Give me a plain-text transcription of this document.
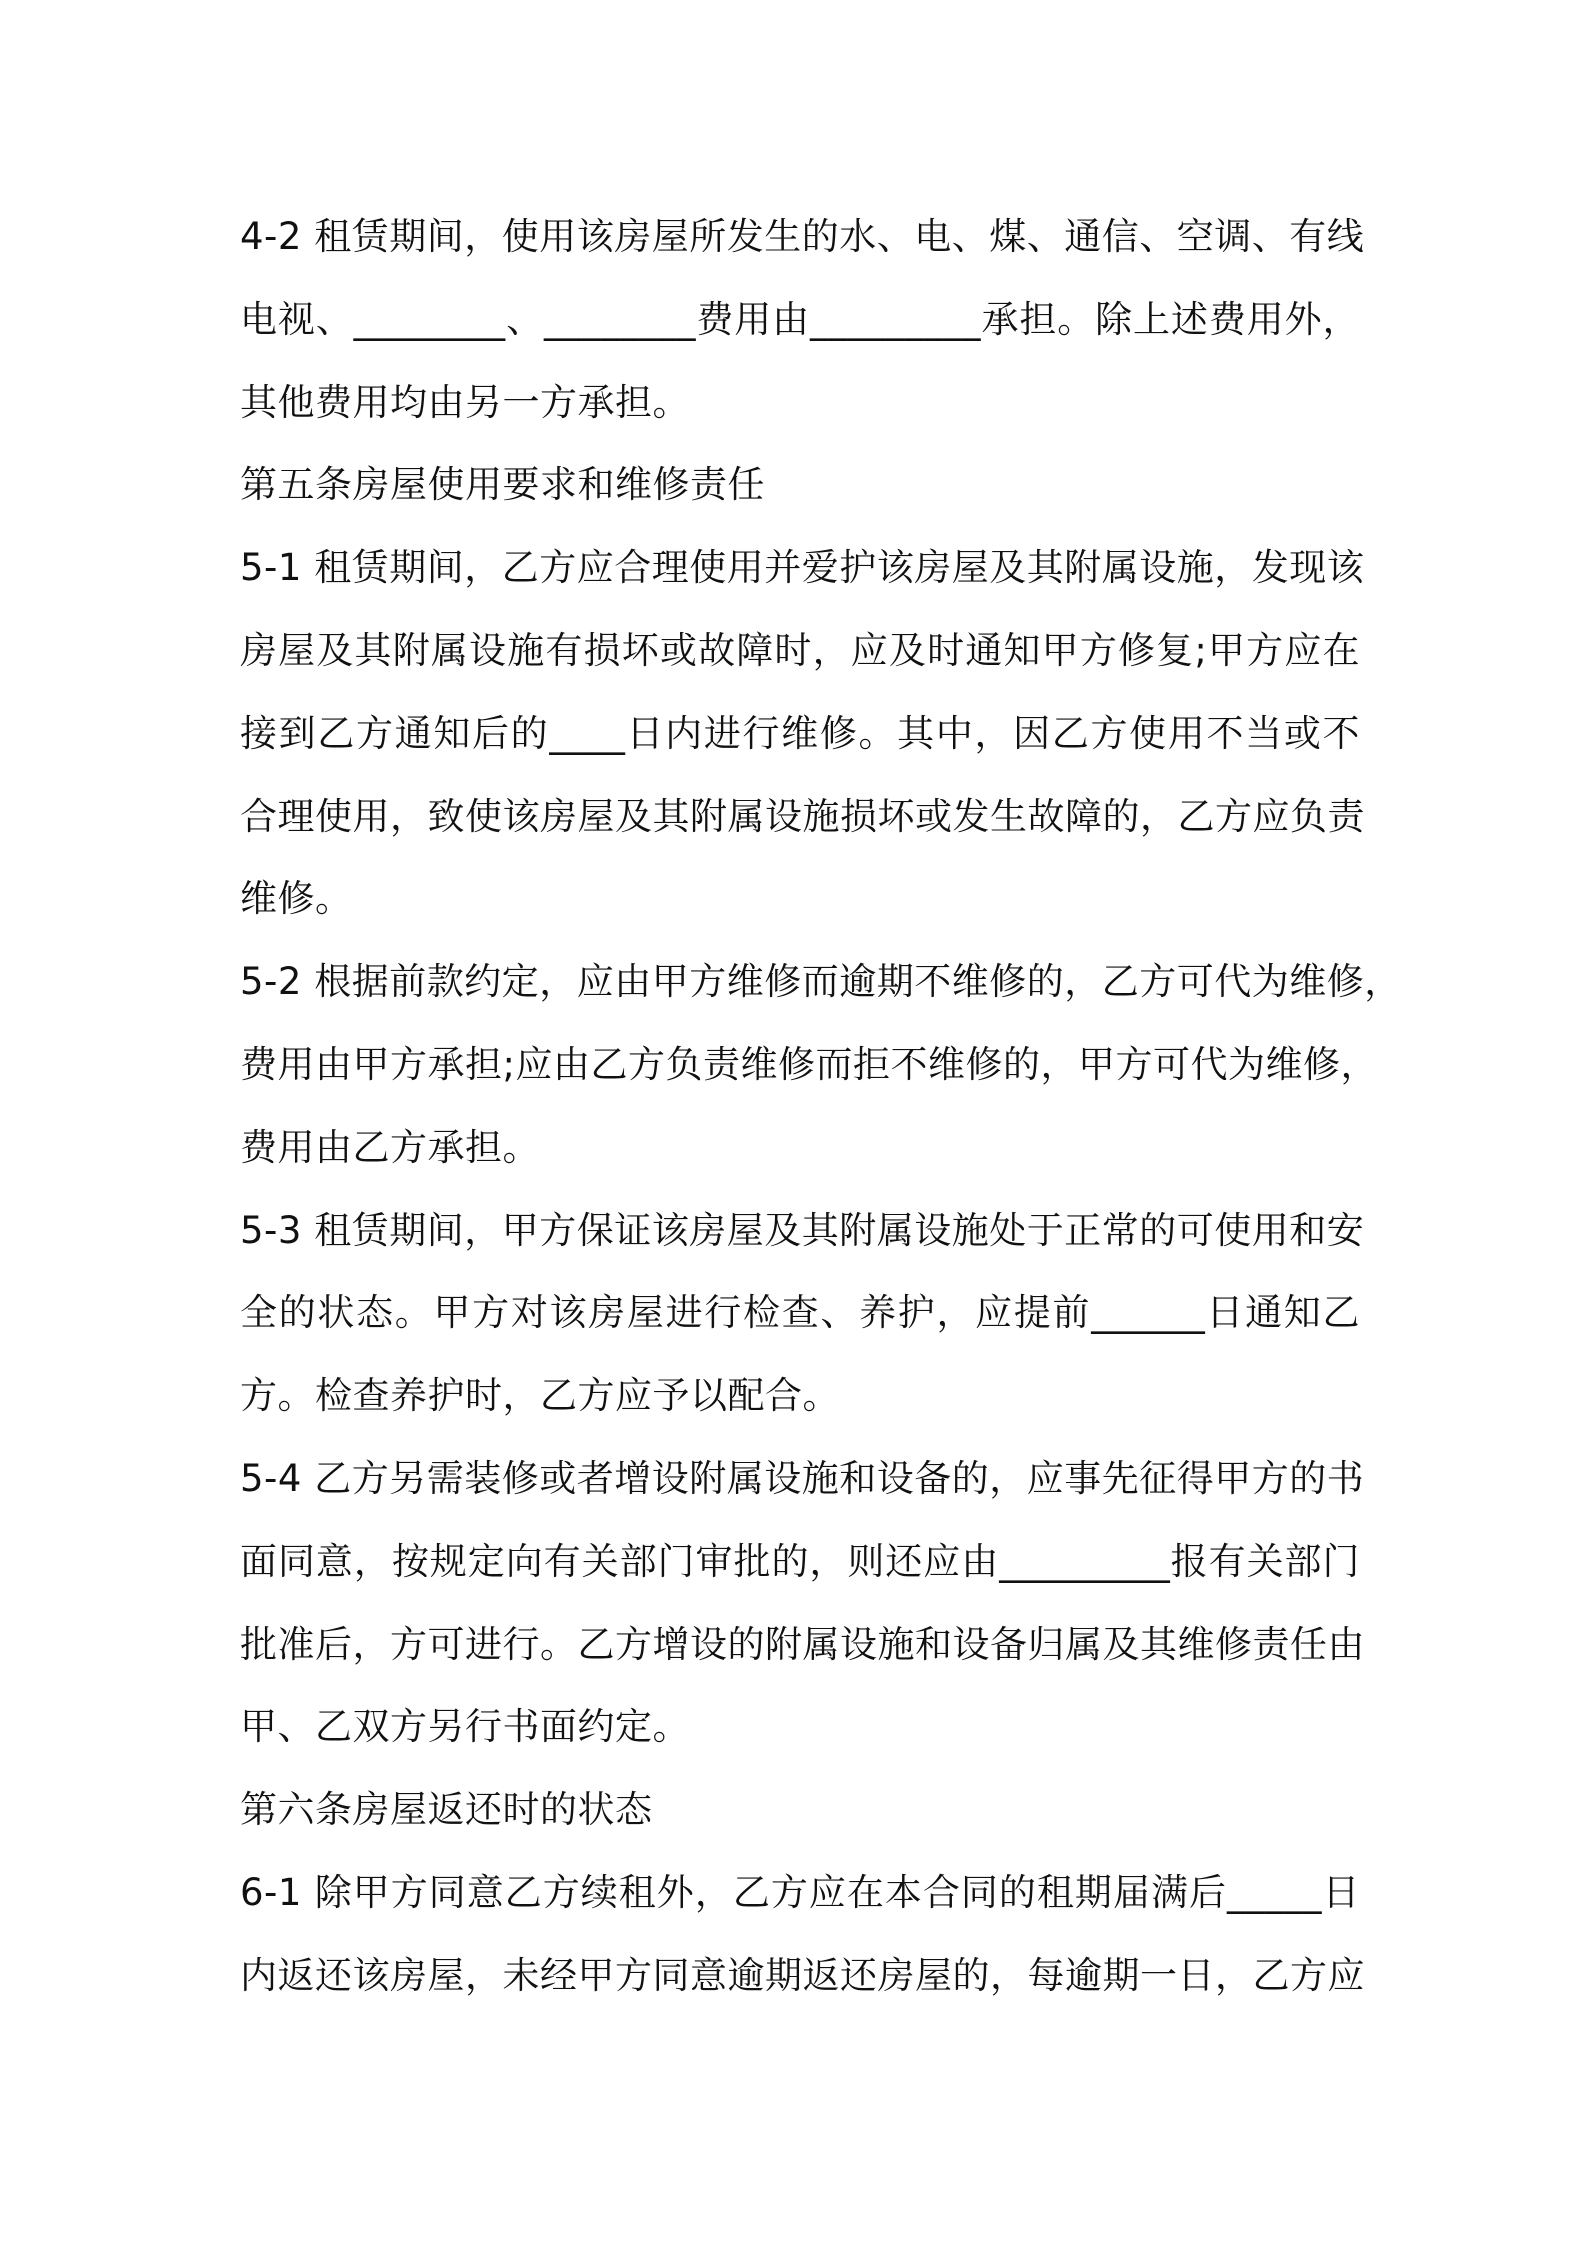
4-2 租赁期间，使用该房屋所发生的水、电、煤、通信、空调、有线
电视、________、________费用由_________承担。除上述费用外，
其他费用均由另一方承担。
第五条房屋使用要求和维修责任
5-1 租赁期间，乙方应合理使用并爱护该房屋及其附属设施，发现该
房屋及其附属设施有损坏或故障时，应及时通知甲方修复;甲方应在
接到乙方通知后的____日内进行维修。其中，因乙方使用不当或不
合理使用，致使该房屋及其附属设施损坏或发生故障的，乙方应负责
维修。
5-2 根据前款约定，应由甲方维修而逾期不维修的，乙方可代为维修，
费用由甲方承担;应由乙方负责维修而拒不维修的，甲方可代为维修，
费用由乙方承担。
5-3 租赁期间，甲方保证该房屋及其附属设施处于正常的可使用和安
全的状态。甲方对该房屋进行检查、养护，应提前______日通知乙
方。检查养护时，乙方应予以配合。
5-4 乙方另需装修或者增设附属设施和设备的，应事先征得甲方的书
面同意，按规定向有关部门审批的，则还应由_________报有关部门
批准后，方可进行。乙方增设的附属设施和设备归属及其维修责任由
甲、乙双方另行书面约定。
第六条房屋返还时的状态
6-1 除甲方同意乙方续租外，乙方应在本合同的租期届满后_____日
内返还该房屋，未经甲方同意逾期返还房屋的，每逾期一日，乙方应
